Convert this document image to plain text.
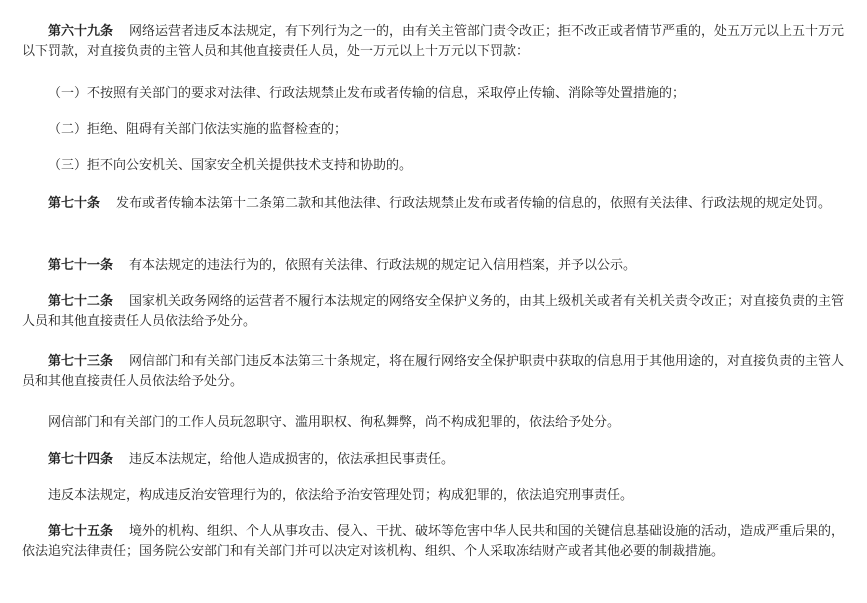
第六十九条 网络运营者违反本法规定，有下列行为之一的，由有关主管部门责令改正；拒不改正或者情节严重的，处五万元以上五十万元以下罚款，对直接负责的主管人员和其他直接责任人员，处一万元以上十万元以下罚款：

（一）不按照有关部门的要求对法律、行政法规禁止发布或者传输的信息，采取停止传输、消除等处置措施的；

（二）拒绝、阻碍有关部门依法实施的监督检查的；

（三）拒不向公安机关、国家安全机关提供技术支持和协助的。

第七十条 发布或者传输本法第十二条第二款和其他法律、行政法规禁止发布或者传输的信息的，依照有关法律、行政法规的规定处罚。

第七十一条 有本法规定的违法行为的，依照有关法律、行政法规的规定记入信用档案，并予以公示。

第七十二条 国家机关政务网络的运营者不履行本法规定的网络安全保护义务的，由其上级机关或者有关机关责令改正；对直接负责的主管人员和其他直接责任人员依法给予处分。

第七十三条 网信部门和有关部门违反本法第三十条规定，将在履行网络安全保护职责中获取的信息用于其他用途的，对直接负责的主管人员和其他直接责任人员依法给予处分。

网信部门和有关部门的工作人员玩忽职守、滥用职权、徇私舞弊，尚不构成犯罪的，依法给予处分。

第七十四条 违反本法规定，给他人造成损害的，依法承担民事责任。

违反本法规定，构成违反治安管理行为的，依法给予治安管理处罚；构成犯罪的，依法追究刑事责任。

第七十五条 境外的机构、组织、个人从事攻击、侵入、干扰、破坏等危害中华人民共和国的关键信息基础设施的活动，造成严重后果的，依法追究法律责任；国务院公安部门和有关部门并可以决定对该机构、组织、个人采取冻结财产或者其他必要的制裁措施。
